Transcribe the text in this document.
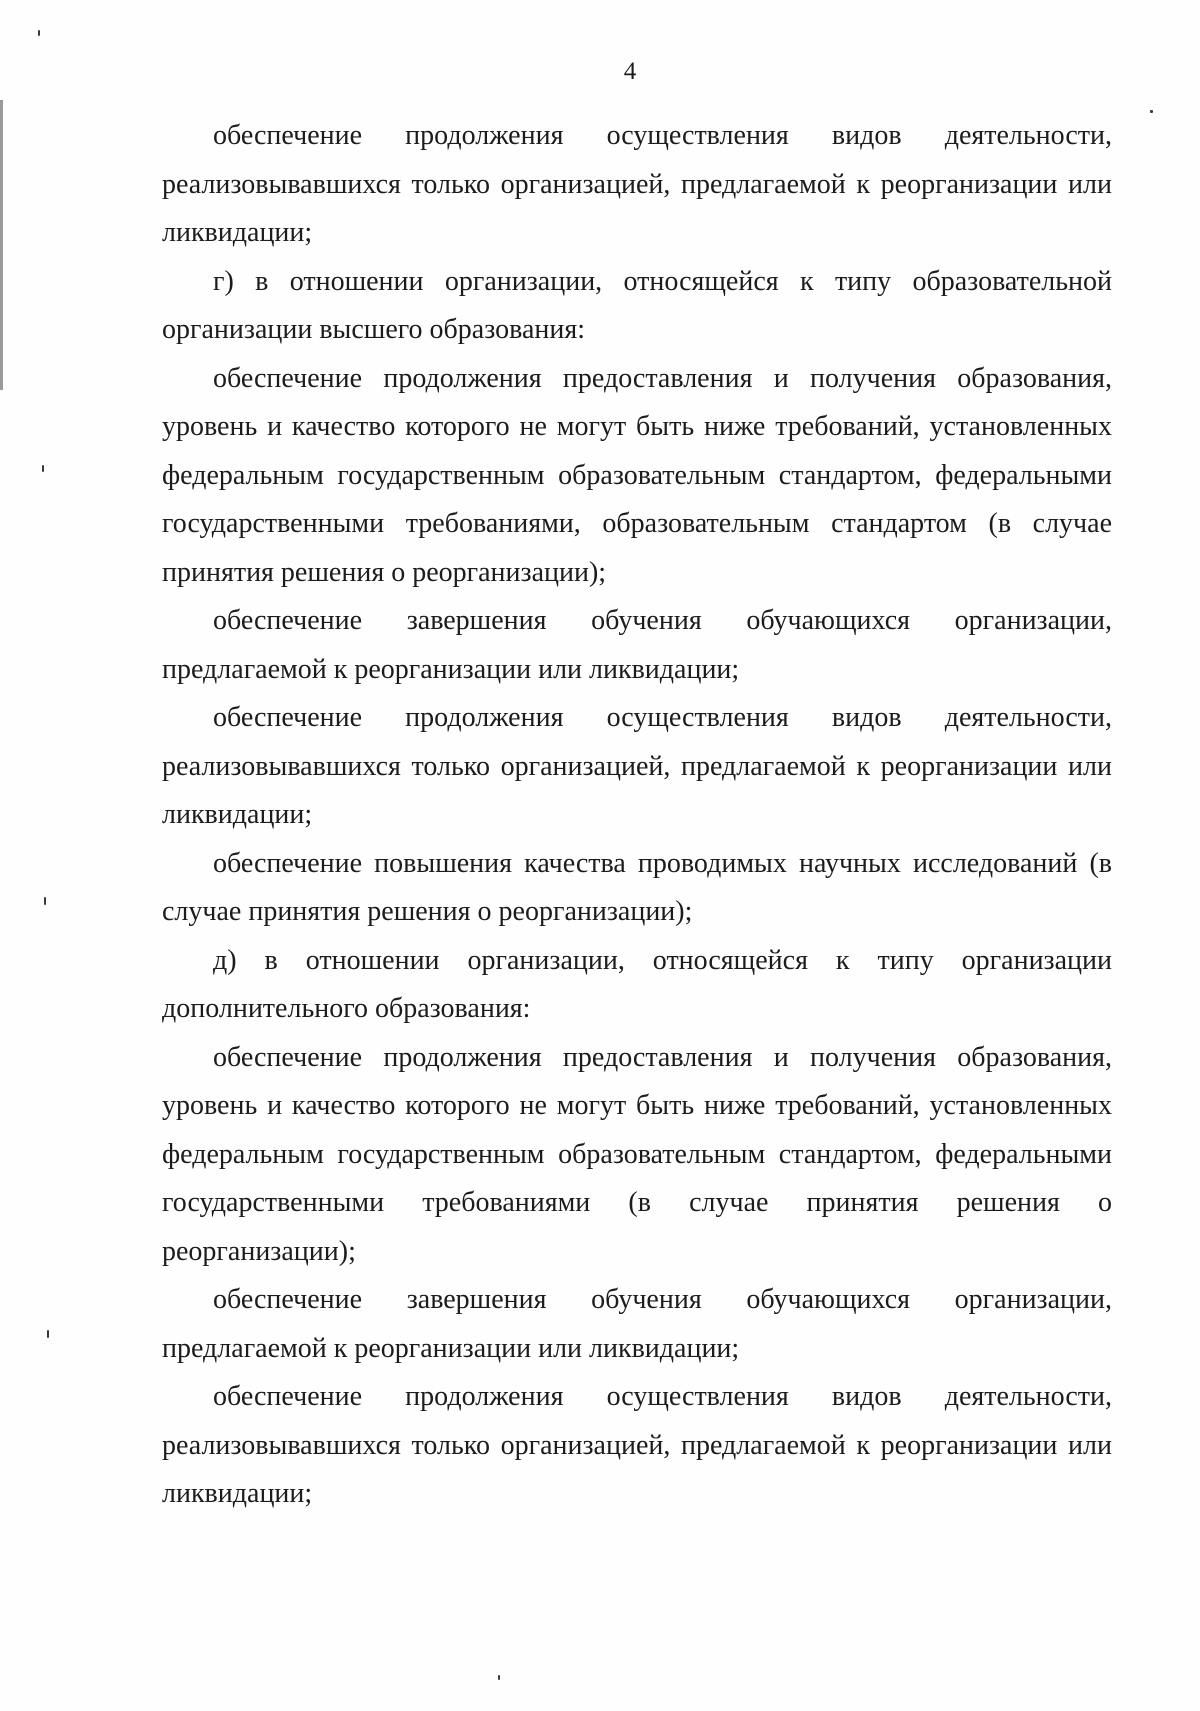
4

обеспечение продолжения осуществления видов деятельности, реализовывавшихся только организацией, предлагаемой к реорганизации или ликвидации;

г) в отношении организации, относящейся к типу образовательной организации высшего образования:

обеспечение продолжения предоставления и получения образования, уровень и качество которого не могут быть ниже требований, установленных федеральным государственным образовательным стандартом, федеральными государственными требованиями, образовательным стандартом (в случае принятия решения о реорганизации);

обеспечение завершения обучения обучающихся организации, предлагаемой к реорганизации или ликвидации;

обеспечение продолжения осуществления видов деятельности, реализовывавшихся только организацией, предлагаемой к реорганизации или ликвидации;

обеспечение повышения качества проводимых научных исследований (в случае принятия решения о реорганизации);

д) в отношении организации, относящейся к типу организации дополнительного образования:

обеспечение продолжения предоставления и получения образования, уровень и качество которого не могут быть ниже требований, установленных федеральным государственным образовательным стандартом, федеральными государственными требованиями (в случае принятия решения о реорганизации);

обеспечение завершения обучения обучающихся организации, предлагаемой к реорганизации или ликвидации;

обеспечение продолжения осуществления видов деятельности, реализовывавшихся только организацией, предлагаемой к реорганизации или ликвидации;
